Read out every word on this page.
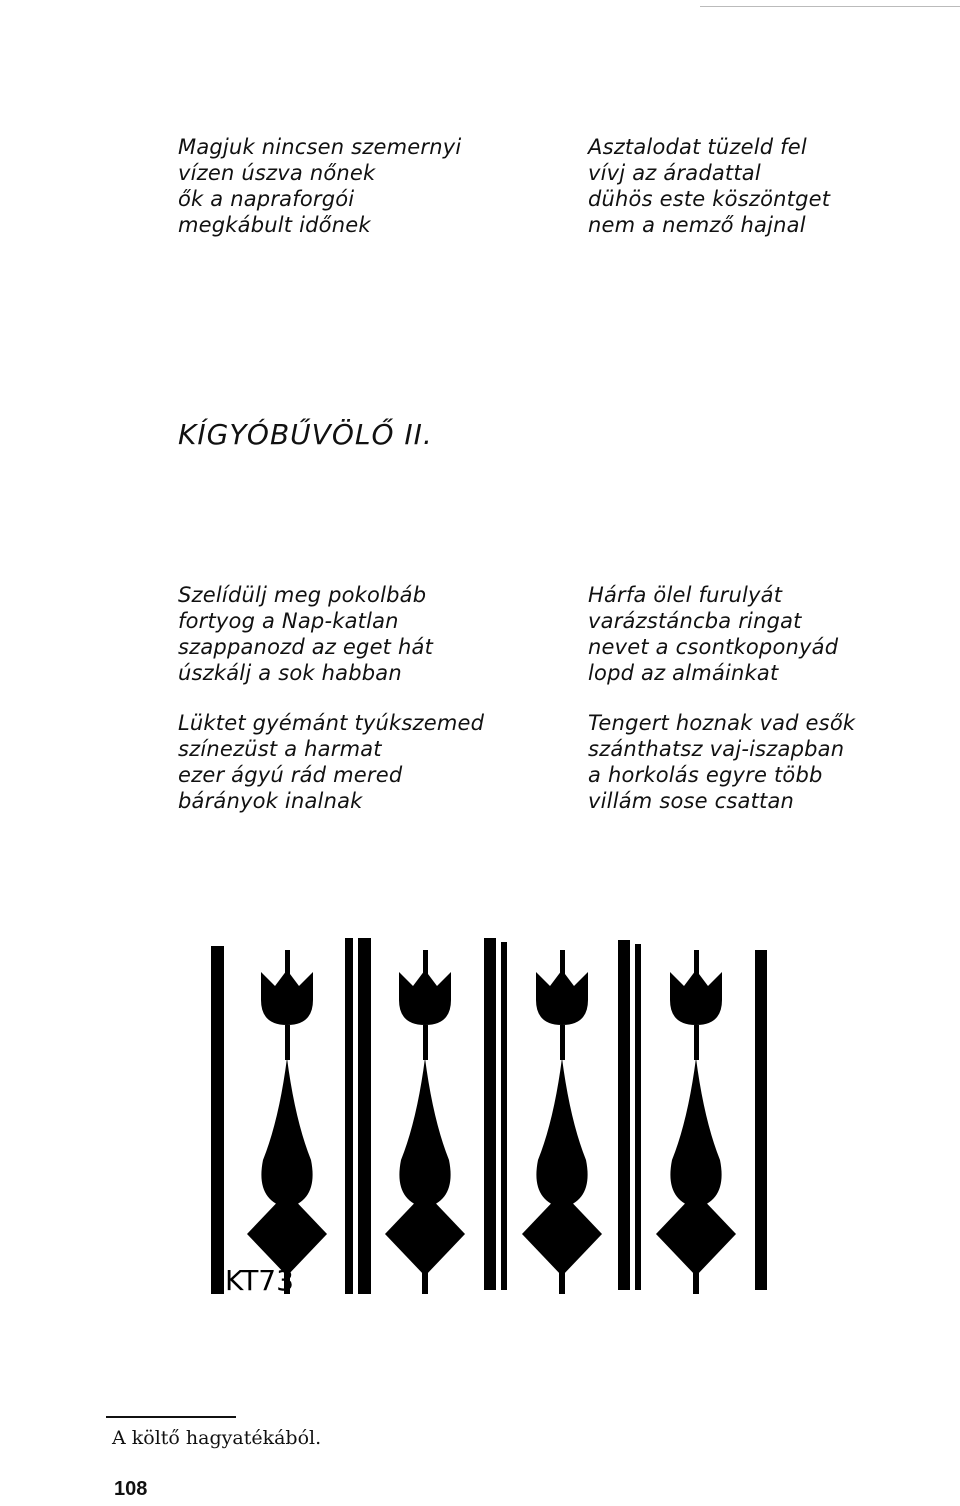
Magjuk nincsen szemernyi
vízen úszva nőnek
ők a napraforgói
megkábult időnek
Asztalodat tüzeld fel
vívj az áradattal
dühös este köszöntget
nem a nemző hajnal
KÍGYÓBŰVÖLŐ II.
Szelídülj meg pokolbáb
fortyog a Nap-katlan
szappanozd az eget hát
úszkálj a sok habban
Hárfa ölel furulyát
varázstáncba ringat
nevet a csontkoponyád
lopd az almáinkat
Lüktet gyémánt tyúkszemed
színezüst a harmat
ezer ágyú rád mered
bárányok inalnak
Tengert hoznak vad esők
szánthatsz vaj-iszapban
a horkolás egyre több
villám sose csattan
KT73
A költő hagyatékából.
108
